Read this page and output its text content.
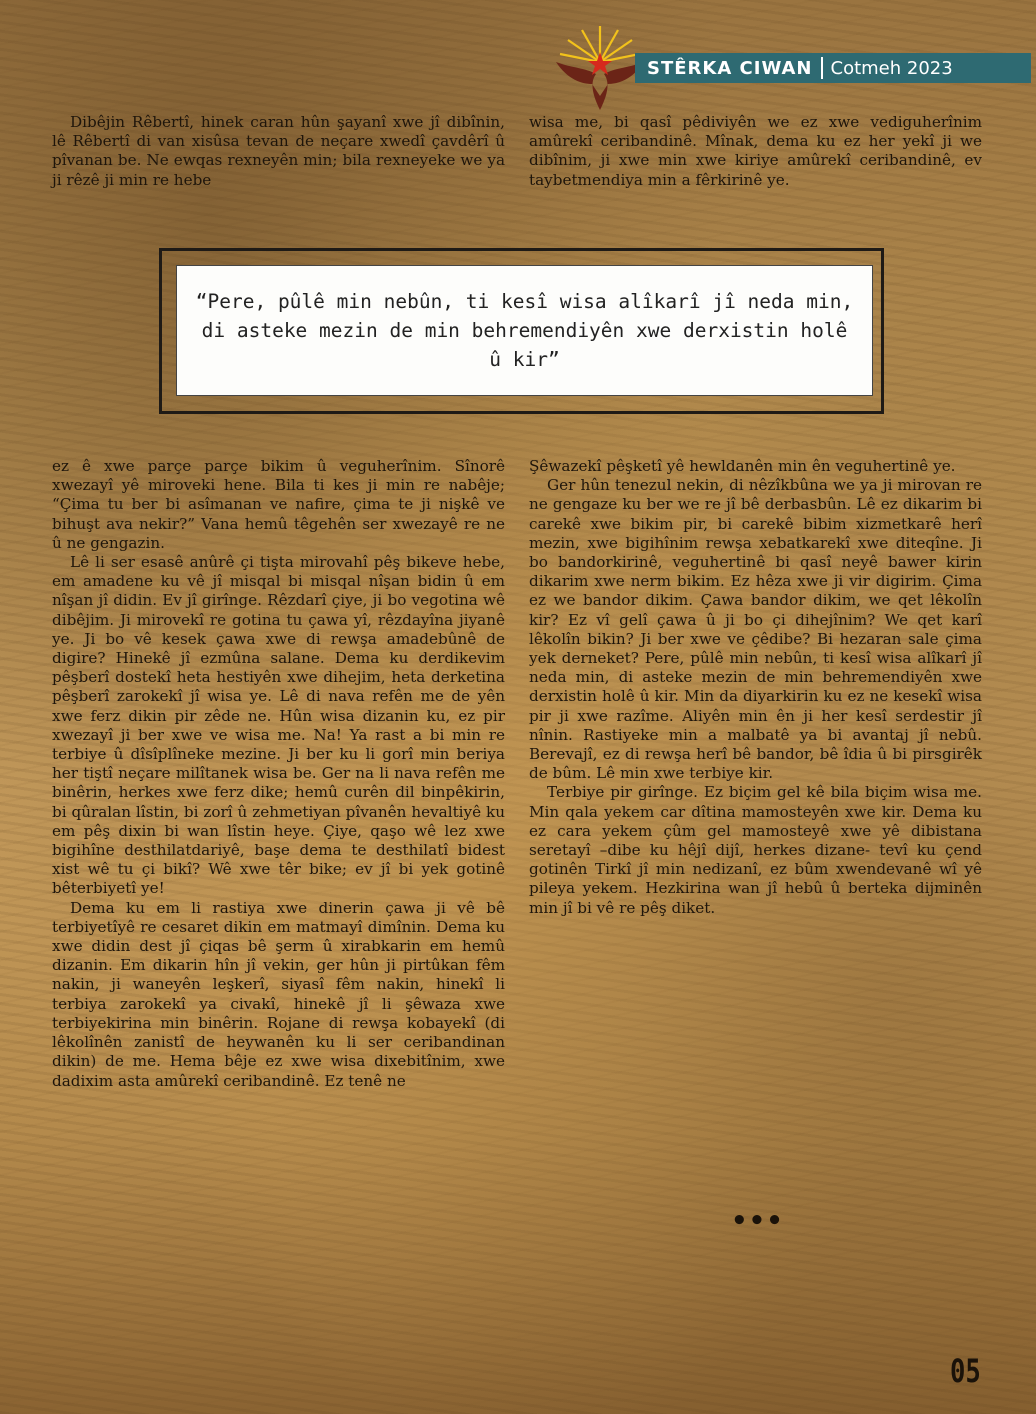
STÊRKA CIWAN Cotmeh 2023

Dibêjin Rêbertî, hinek caran hûn şayanî xwe jî dibînin, lê Rêbertî di van xisûsa tevan de neçare xwedî çavdêrî û pîvanan be. Ne ewqas rexneyên min; bila rexneyeke we ya ji rêzê ji min re hebe

wisa me, bi qasî pêdiviyên we ez xwe vediguherînim amûrekî ceribandinê. Mînak, dema ku ez her yekî ji we dibînim, ji xwe min xwe kiriye amûrekî ceribandinê, ev taybetmendiya min a fêrkirinê ye.

“Pere, pûlê min nebûn, ti kesî wisa alîkarî jî neda min, di asteke mezin de min behremendiyên xwe derxistin holê û kir”

ez ê xwe parçe parçe bikim û veguherînim. Sînorê xwezayî yê miroveki hene. Bila ti kes ji min re nabêje; “Çima tu ber bi asîmanan ve nafire, çima te ji nişkê ve bihuşt ava nekir?” Vana hemû têgehên ser xwezayê re ne û ne gengazin.

Lê li ser esasê anûrê çi tiştа mirovahî pêş bikeve hebe, em amadene ku vê jî misqal bi misqal nîşan bidin û em nîşan jî didin. Ev jî girînge. Rêzdarî çiye, ji bo vegotina wê dibêjim. Ji mirovekî re gotina tu çawa yî, rêzdayîna jiyanê ye. Ji bo vê kesek çawa xwe di rewşa amadebûnê de digire? Hinekê jî ezmûna salane. Dema ku derdikevim pêşberî dostekî heta hestiyên xwe dihejim, heta derketina pêşberî zarokekî jî wisa ye. Lê di nava refên me de yên xwe ferz dikin pir zêde ne. Hûn wisa dizanin ku, ez pir xwezayî ji ber xwe ve wisa me. Na! Ya rast a bi min re terbiye û dîsîplîneke mezine. Ji ber ku li gorî min beriya her tiştî neçare milîtanek wisa be. Ger na li nava refên me binêrin, herkes xwe ferz dike; hemû curên dil binpêkirin, bi qûralan lîstin, bi zorî û zehmetiyan pîvanên hevaltiyê ku em pêş dixin bi wan lîstin heye. Çiye, qaşo wê lez xwe bigihîne desthilatdariyê, başe dema te desthilatî bidest xist wê tu çi bikî? Wê xwe têr bike; ev jî bi yek gotinê bêterbiyetî ye!

Dema ku em li rastiya xwe dinerin çawa ji vê bê terbiyetîyê re cesaret dikin em matmayî dimînin. Dema ku xwe didin dest jî çiqas bê şerm û xirabkarin em hemû dizanin. Em dikarin hîn jî vekin, ger hûn ji pirtûkan fêm nakin, ji waneyên leşkerî, siyasî fêm nakin, hinekî li terbiya zarokekî ya civakî, hinekê jî li şêwaza xwe terbiyekirina min binêrin. Rojane di rewşa kobayekî (di lêkolînên zanistî de heywanên ku li ser ceribandinan dikin) de me. Hema bêje ez xwe wisa dixebitînim, xwe dadixim asta amûrekî ceribandinê. Ez tenê ne

Şêwazekî pêşketî yê hewldanên min ên veguhertinê ye.

Ger hûn tenezul nekin, di nêzîkbûna we ya ji mirovan re ne gengaze ku ber we re jî bê derbasbûn. Lê ez dikarim bi carekê xwe bikim pir, bi carekê bibim xizmetkarê herî mezin, xwe bigihînim rewşa xebatkarekî xwe diteqîne. Ji bo bandorkirinê, veguhertinê bi qasî neyê bawer kirin dikarim xwe nerm bikim. Ez hêza xwe ji vir digirim. Çima ez we bandor dikim. Çawa bandor dikim, we qet lêkolîn kir? Ez vî gelî çawa û ji bo çi dihejînim? We qet karî lêkolîn bikin? Ji ber xwe ve çêdibe? Bi hezaran sale çima yek derneket? Pere, pûlê min nebûn, ti kesî wisa alîkarî jî neda min, di asteke mezin de min behremendiyên xwe derxistin holê û kir. Min da diyarkirin ku ez ne kesekî wisa pir ji xwe razîme. Aliyên min ên ji her kesî serdestir jî nînin. Rastiyeke min a malbatê ya bi avantaj jî nebû. Berevajî, ez di rewşa herî bê bandor, bê îdia û bi pirsgirêk de bûm. Lê min xwe terbiye kir.

Terbiye pir girînge. Ez biçim gel kê bila biçim wisa me. Min qala yekem car dîtina mamosteyên xwe kir. Dema ku ez cara yekem çûm gel mamosteyê xwe yê dibistana seretayî –dibe ku hêjî dijî, herkes dizane- tevî ku çend gotinên Tirkî jî min nedizanî, ez bûm xwendevanê wî yê pileya yekem. Hezkirina wan jî hebû û berteka dijminên min jî bi vê re pêş diket.

•••
05
